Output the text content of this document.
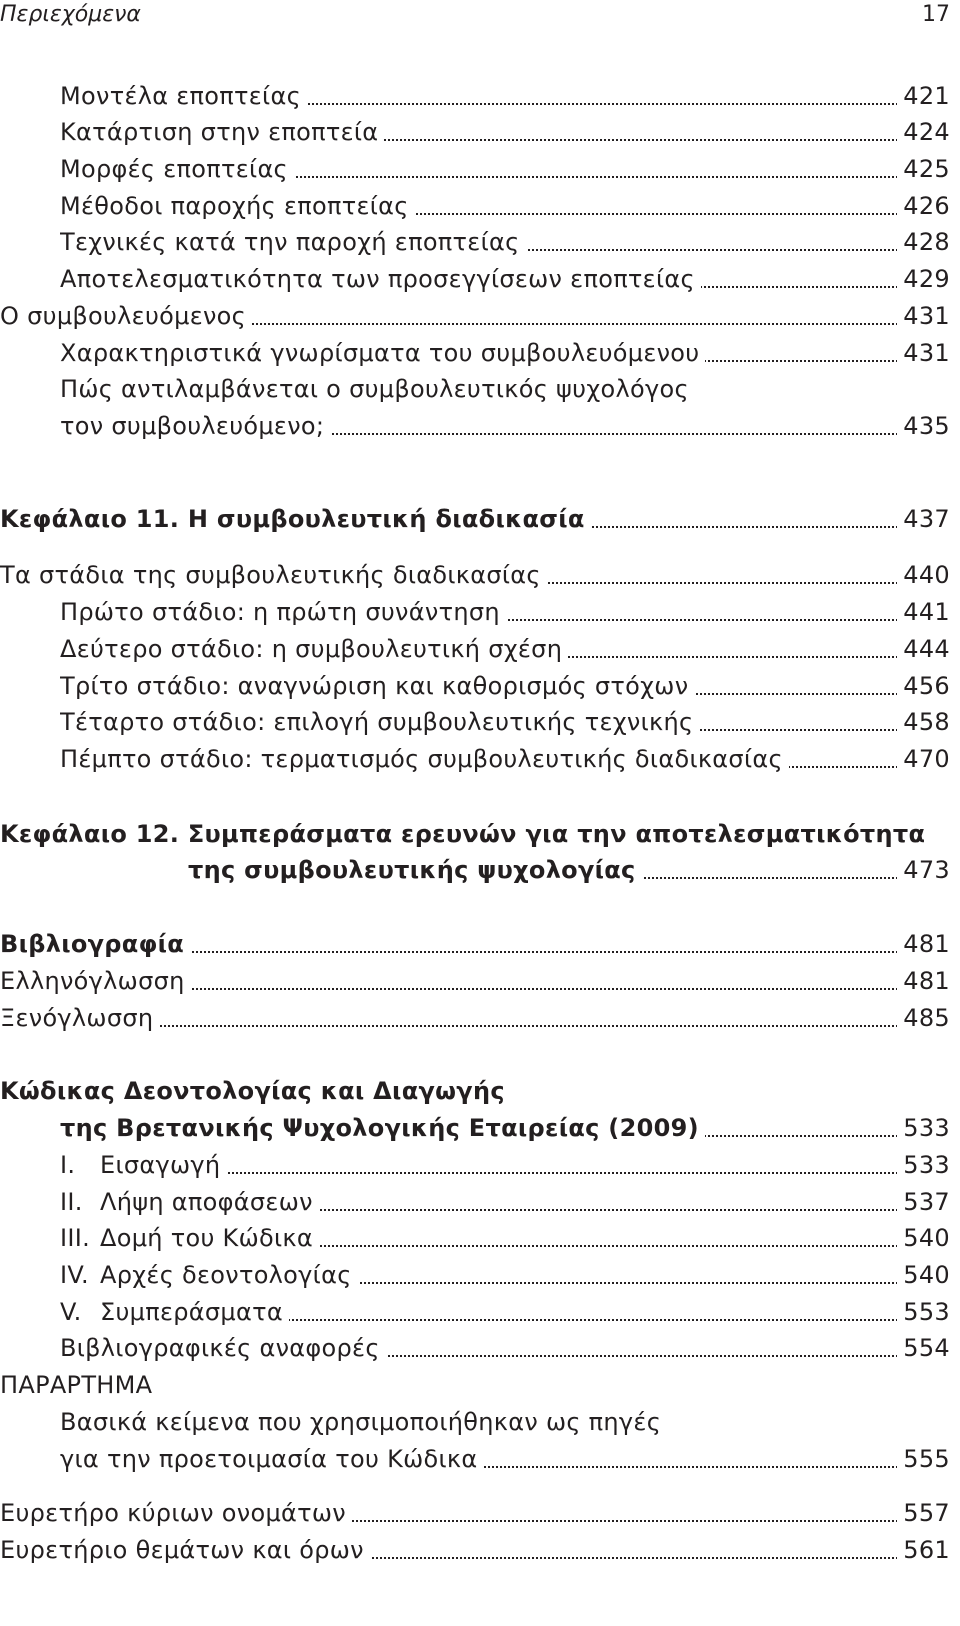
Περιεχόμενα	17
Μοντέλα εποπτείας	421
Κατάρτιση στην εποπτεία	424
Μορφές εποπτείας	425
Μέθοδοι παροχής εποπτείας	426
Τεχνικές κατά την παροχή εποπτείας	428
Αποτελεσματικότητα των προσεγγίσεων εποπτείας	429
Ο συμβουλευόμενος	431
Χαρακτηριστικά γνωρίσματα του συμβουλευόμενου	431
Πώς αντιλαμβάνεται ο συμβουλευτικός ψυχολόγος
τον συμβουλευόμενο;	435
Κεφάλαιο 11. Η συμβουλευτική διαδικασία	437
Τα στάδια της συμβουλευτικής διαδικασίας	440
Πρώτο στάδιο: η πρώτη συνάντηση	441
Δεύτερο στάδιο: η συμβουλευτική σχέση	444
Τρίτο στάδιο: αναγνώριση και καθορισμός στόχων	456
Τέταρτο στάδιο: επιλογή συμβουλευτικής τεχνικής	458
Πέμπτο στάδιο: τερματισμός συμβουλευτικής διαδικασίας	470
Κεφάλαιο 12. Συμπεράσματα ερευνών για την αποτελεσματικότητα
της συμβουλευτικής ψυχολογίας	473
Βιβλιογραφία	481
Ελληνόγλωσση	481
Ξενόγλωσση	485
Κώδικας Δεοντολογίας και Διαγωγής
της Βρετανικής Ψυχολογικής Εταιρείας (2009)	533
I. Εισαγωγή	533
II. Λήψη αποφάσεων	537
III. Δομή του Κώδικα	540
IV. Αρχές δεοντολογίας	540
V. Συμπεράσματα	553
Βιβλιογραφικές αναφορές	554
ΠΑΡΑΡΤΗΜΑ
Βασικά κείμενα που χρησιμοποιήθηκαν ως πηγές
για την προετοιμασία του Κώδικα	555
Ευρετήρο κύριων ονομάτων	557
Ευρετήριο θεμάτων και όρων	561
